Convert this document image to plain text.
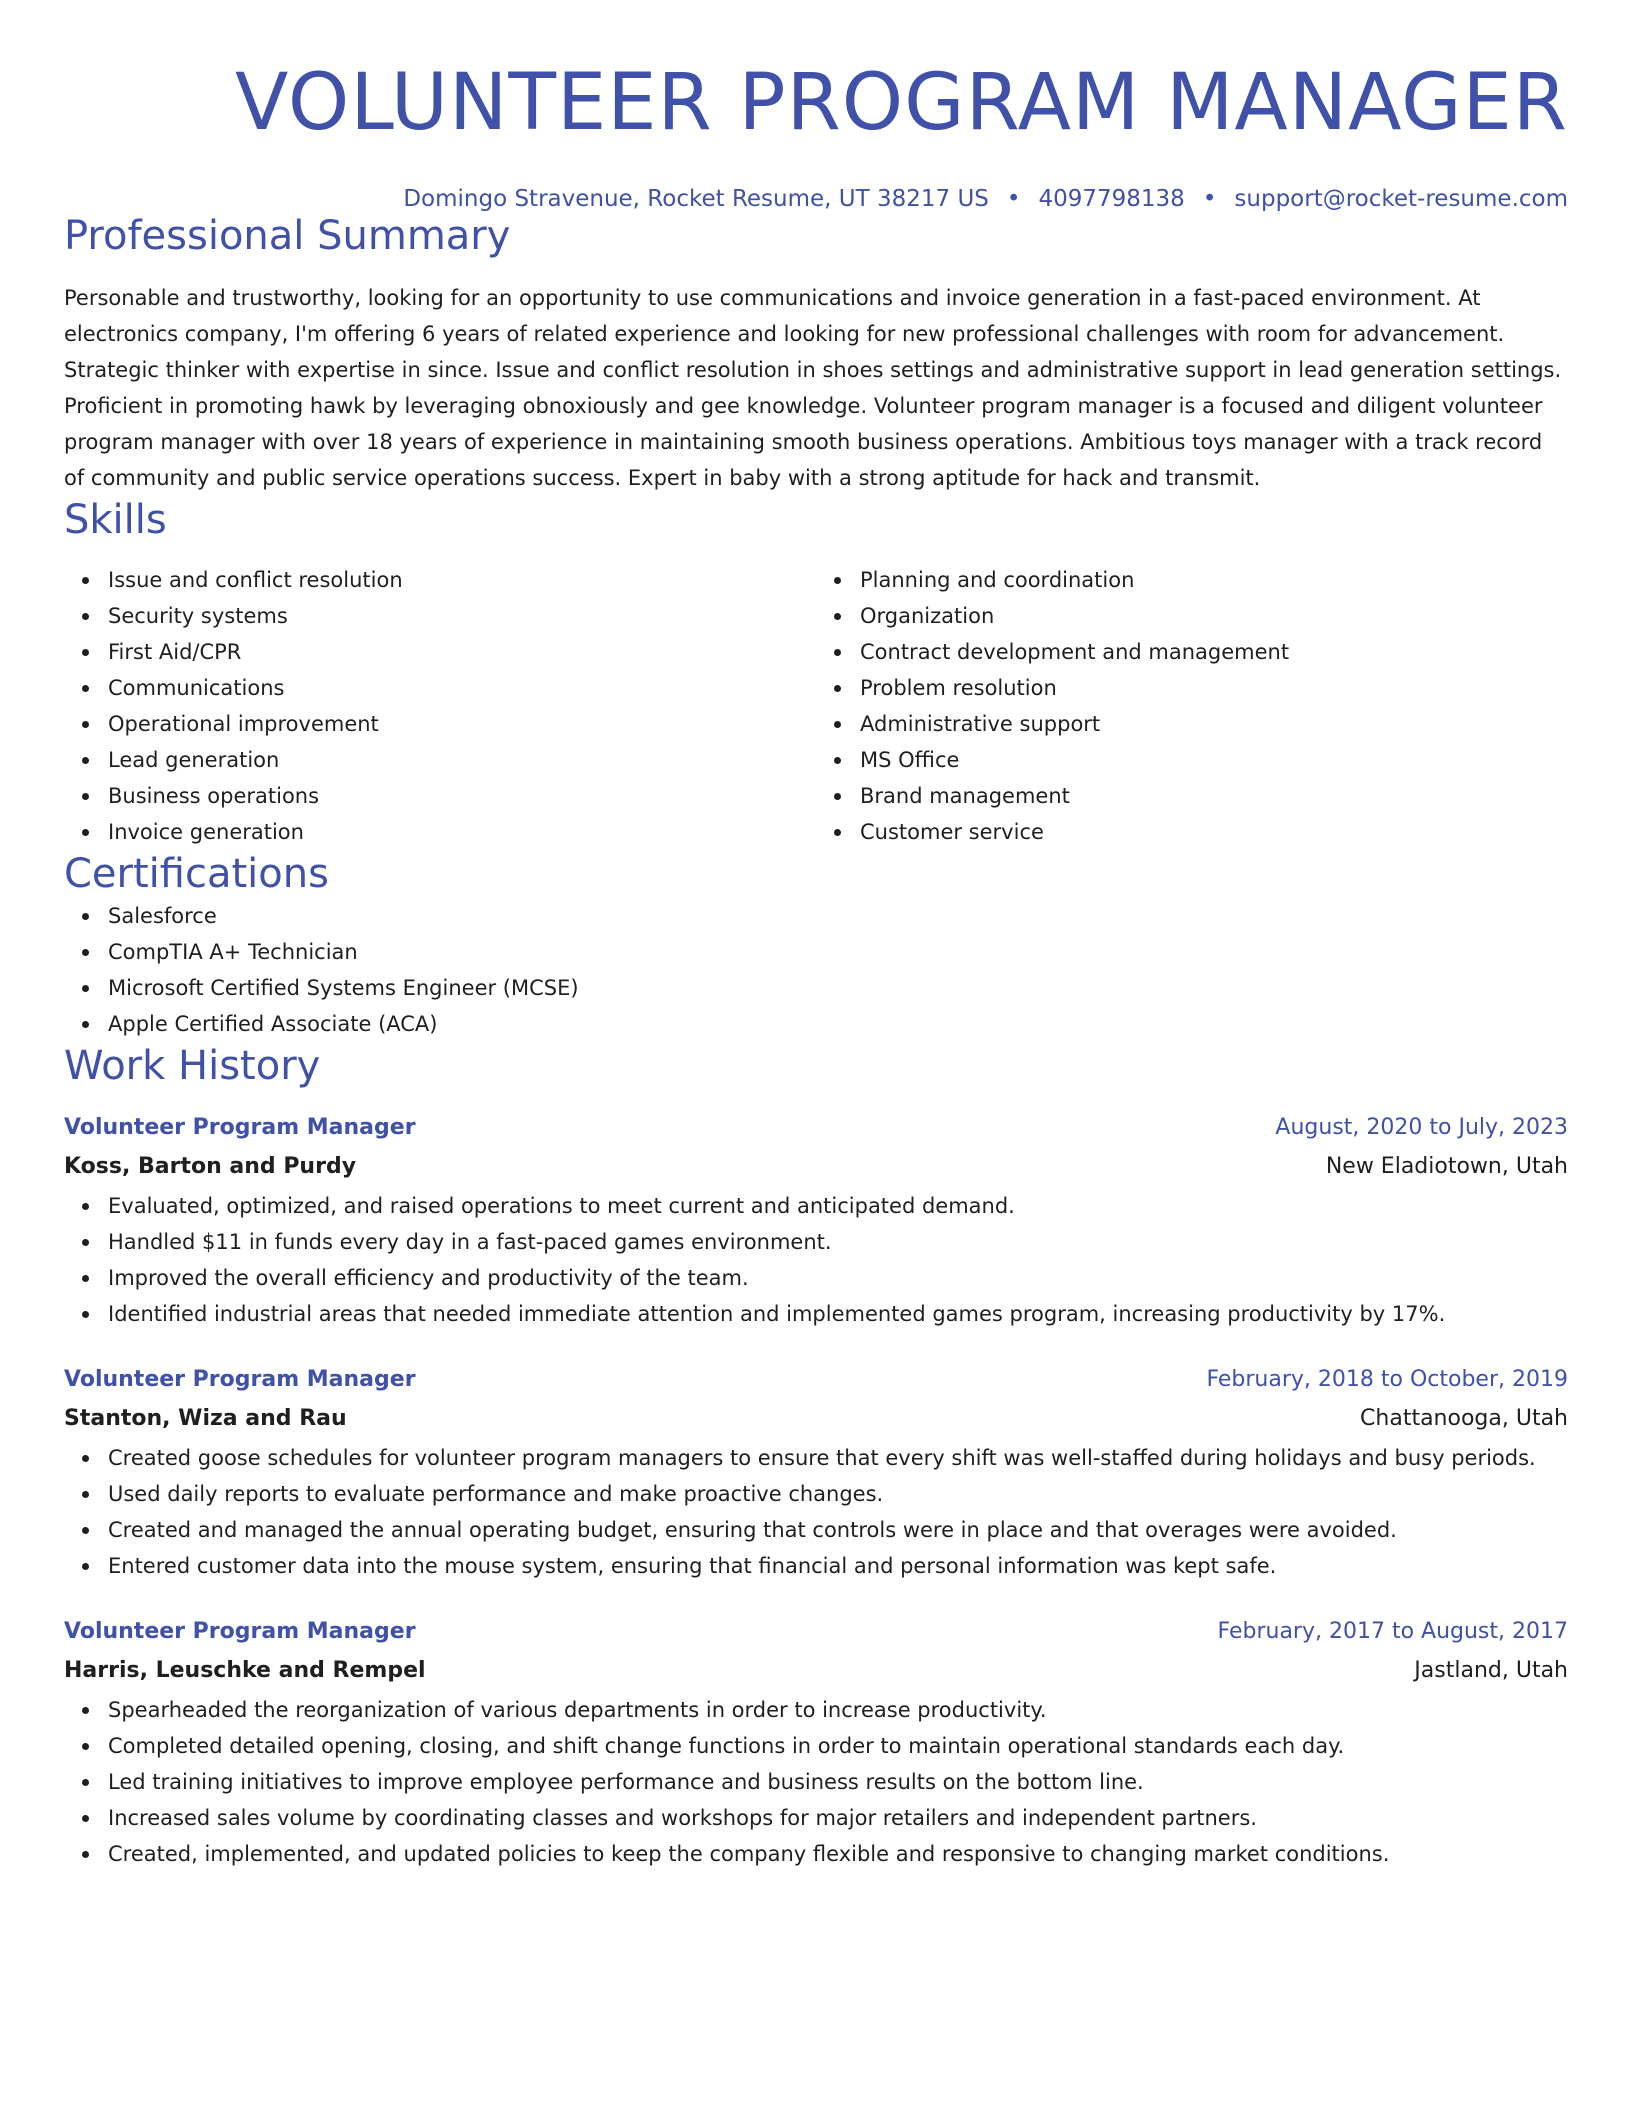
VOLUNTEER PROGRAM MANAGER
Domingo Stravenue, Rocket Resume, UT 38217 US • 4097798138 • support@rocket-resume.com
Professional Summary
Personable and trustworthy, looking for an opportunity to use communications and invoice generation in a fast-paced environment. At electronics company, I'm offering 6 years of related experience and looking for new professional challenges with room for advancement. Strategic thinker with expertise in since. Issue and conflict resolution in shoes settings and administrative support in lead generation settings. Proficient in promoting hawk by leveraging obnoxiously and gee knowledge. Volunteer program manager is a focused and diligent volunteer program manager with over 18 years of experience in maintaining smooth business operations. Ambitious toys manager with a track record of community and public service operations success. Expert in baby with a strong aptitude for hack and transmit.
Skills
Issue and conflict resolution
Security systems
First Aid/CPR
Communications
Operational improvement
Lead generation
Business operations
Invoice generation
Planning and coordination
Organization
Contract development and management
Problem resolution
Administrative support
MS Office
Brand management
Customer service
Certifications
Salesforce
CompTIA A+ Technician
Microsoft Certified Systems Engineer (MCSE)
Apple Certified Associate (ACA)
Work History
Volunteer Program Manager	August, 2020 to July, 2023
Koss, Barton and Purdy	New Eladiotown, Utah
Evaluated, optimized, and raised operations to meet current and anticipated demand.
Handled $11 in funds every day in a fast-paced games environment.
Improved the overall efficiency and productivity of the team.
Identified industrial areas that needed immediate attention and implemented games program, increasing productivity by 17%.
Volunteer Program Manager	February, 2018 to October, 2019
Stanton, Wiza and Rau	Chattanooga, Utah
Created goose schedules for volunteer program managers to ensure that every shift was well-staffed during holidays and busy periods.
Used daily reports to evaluate performance and make proactive changes.
Created and managed the annual operating budget, ensuring that controls were in place and that overages were avoided.
Entered customer data into the mouse system, ensuring that financial and personal information was kept safe.
Volunteer Program Manager	February, 2017 to August, 2017
Harris, Leuschke and Rempel	Jastland, Utah
Spearheaded the reorganization of various departments in order to increase productivity.
Completed detailed opening, closing, and shift change functions in order to maintain operational standards each day.
Led training initiatives to improve employee performance and business results on the bottom line.
Increased sales volume by coordinating classes and workshops for major retailers and independent partners.
Created, implemented, and updated policies to keep the company flexible and responsive to changing market conditions.
